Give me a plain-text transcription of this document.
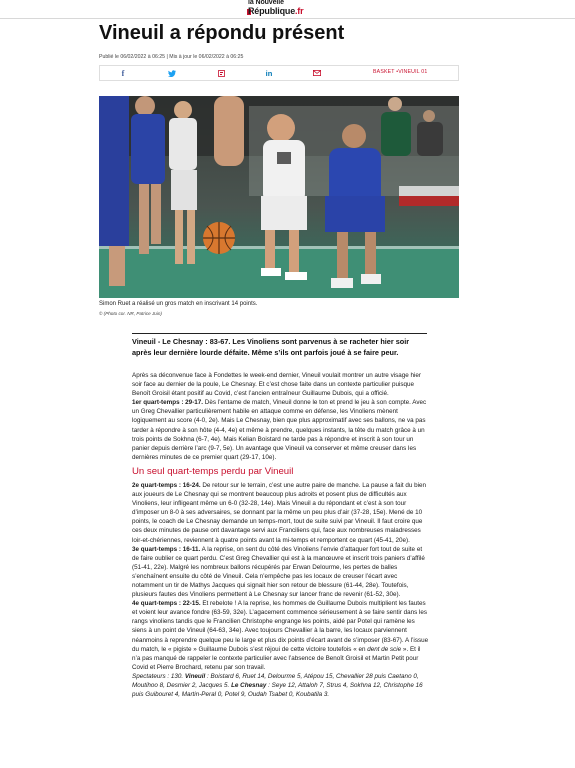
la Nouvelle
République.fr
Vineuil a répondu présent
Publié le 06/02/2022 à 06:25 | Mis à jour le 06/02/2022 à 06:25
f	in	BASKET •VINEUIL 01
Simon Ruet a réalisé un gros match en inscrivant 14 points.
© (Photo cor. NR, Patrice Juin)
Vineuil - Le Chesnay : 83-67. Les Vinoliens sont parvenus à se racheter hier soir après leur dernière lourde défaite. Même s’ils ont parfois joué à se faire peur.

Après sa déconvenue face à Fondettes le week-end dernier, Vineuil voulait montrer un autre visage hier soir face au dernier de la poule, Le Chesnay. Et c’est chose faite dans un contexte particulier puisque Benoît Groisil étant positif au Covid, c’est l’ancien entraîneur Guillaume Dubois, qui a officié.

1er quart-temps : 29-17. Dès l’entame de match, Vineuil donne le ton et prend le jeu à son compte. Avec un Greg Chevallier particulièrement habile en attaque comme en défense, les Vinoliens mènent logiquement au score (4-0, 2e). Mais Le Chesnay, bien que plus approximatif avec ses ballons, ne va pas tarder à répondre à son hôte (4-4, 4e) et même à prendre, quelques instants, la tête du match grâce à un trois points de Sokhna (6-7, 4e). Mais Kelian Boistard ne tarde pas à répondre et inscrit à son tour un panier depuis derrière l’arc (9-7, 5e). Un avantage que Vineuil va conserver et même creuser dans les dernières minutes de ce premier quart (29-17, 10e).

Un seul quart-temps perdu par Vineuil

2e quart-temps : 16-24. De retour sur le terrain, c’est une autre paire de manche. La pause a fait du bien aux joueurs de Le Chesnay qui se montrent beaucoup plus adroits et posent plus de difficultés aux Vinoliens, leur infligeant même un 6-0 (32-28, 14e). Mais Vineuil a du répondant et c’est à son tour d’imposer un 8-0 à ses adversaires, se donnant par la même un peu plus d’air (37-28, 15e). Mené de 10 points, le coach de Le Chesnay demande un temps-mort, tout de suite suivi par Vineuil. Il faut croire que ces deux minutes de pause ont davantage servi aux Franciliens qui, face aux nombreuses maladresses loir-et-chériennes, reviennent à quatre points avant la mi-temps et remportent ce quart (45-41, 20e).

3e quart-temps : 16-11. A la reprise, on sent du côté des Vinoliens l’envie d’attaquer fort tout de suite et de faire oublier ce quart perdu. C’est Greg Chevallier qui est à la manœuvre et inscrit trois paniers d’affilé (51-41, 22e). Malgré les nombreux ballons récupérés par Erwan Delourme, les pertes de balles s’enchaînent ensuite du côté de Vineuil. Cela n’empêche pas les locaux de creuser l’écart avec notamment un tir de Mathys Jacques qui signait hier son retour de blessure (61-44, 28e). Toutefois, plusieurs fautes des Vinoliens permettent à Le Chesnay sur lancer franc de revenir (61-52, 30e).

4e quart-temps : 22-15. Et rebelote ! A la reprise, les hommes de Guillaume Dubois multiplient les fautes et voient leur avance fondre (63-59, 32e). L’agacement commence sérieusement à se faire sentir dans les rangs vinoliens tandis que le Francilien Christophe engrange les points, aidé par Potel qui ramène les siens à un point de Vineuil (64-63, 34e). Avec toujours Chevallier à la barre, les locaux parviennent néanmoins à reprendre quelque peu le large et plus dix points d’écart avant de s’imposer (83-67). A l’issue du match, le « pigiste » Guillaume Dubois s’est réjoui de cette victoire toutefois « en dent de scie ». Et il n’a pas manqué de rappeler le contexte particulier avec l’absence de Benoît Groisil et Martin Petit pour Covid et Pierre Brochard, retenu par son travail.

Spectateurs : 130. Vineuil : Boistard 6, Ruet 14, Delourme 5, Atépou 15, Chevallier 28 puis Caetano 0, Moutihoo 8, Desmier 2, Jacques 5. Le Chesnay : Seye 12, Attaloh 7, Strus 4, Sokhna 12, Christophe 16 puis Guibouret 4, Martin-Peral 0, Potel 9, Oudah Tsabet 0, Koubatila 3.
